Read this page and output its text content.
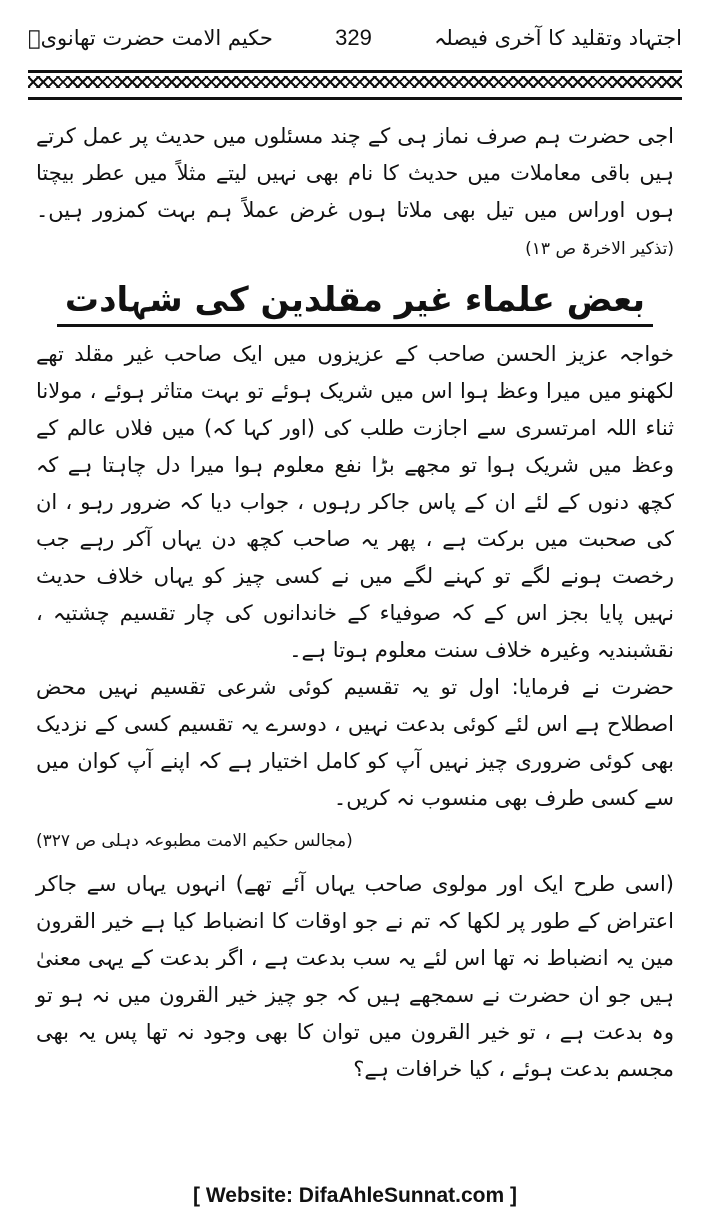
اجتہاد وتقلید کا آخری فیصلہ
329
حکیم الامت حضرت تھانویؒ

اجی حضرت ہم صرف نماز ہی کے چند مسئلوں میں حدیث پر عمل کرتے ہیں باقی معاملات میں حدیث کا نام بھی نہیں لیتے مثلاً میں عطر بیچتا ہوں اوراس میں تیل بھی ملاتا ہوں غرض عملاً ہم بہت کمزور ہیں۔ (تذکیر الاخرۃ ص ۱۳)

بعض علماء غیر مقلدین کی شہادت

خواجہ عزیز الحسن صاحب کے عزیزوں میں ایک صاحب غیر مقلد تھے لکھنو میں میرا وعظ ہوا اس میں شریک ہوئے تو بہت متاثر ہوئے ، مولانا ثناء اللہ امرتسری سے اجازت طلب کی (اور کہا کہ) میں فلاں عالم کے وعظ میں شریک ہوا تو مجھے بڑا نفع معلوم ہوا میرا دل چاہتا ہے کہ کچھ دنوں کے لئے ان کے پاس جاکر رہوں ، جواب دیا کہ ضرور رہو ، ان کی صحبت میں برکت ہے ، پھر یہ صاحب کچھ دن یہاں آکر رہے جب رخصت ہونے لگے تو کہنے لگے میں نے کسی چیز کو یہاں خلاف حدیث نہیں پایا بجز اس کے کہ صوفیاء کے خاندانوں کی چار تقسیم چشتیہ ، نقشبندیہ وغیرہ خلاف سنت معلوم ہوتا ہے۔

حضرت نے فرمایا: اول تو یہ تقسیم کوئی شرعی تقسیم نہیں محض اصطلاح ہے اس لئے کوئی بدعت نہیں ، دوسرے یہ تقسیم کسی کے نزدیک بھی کوئی ضروری چیز نہیں آپ کو کامل اختیار ہے کہ اپنے آپ کوان میں سے کسی طرف بھی منسوب نہ کریں۔

(مجالس حکیم الامت مطبوعہ دہلی ص ۳۲۷)

(اسی طرح ایک اور مولوی صاحب یہاں آئے تھے) انہوں یہاں سے جاکر اعتراض کے طور پر لکھا کہ تم نے جو اوقات کا انضباط کیا ہے خیر القرون مین یہ انضباط نہ تھا اس لئے یہ سب بدعت ہے ، اگر بدعت کے یہی معنیٰ ہیں جو ان حضرت نے سمجھے ہیں کہ جو چیز خیر القرون میں نہ ہو تو وہ بدعت ہے ، تو خیر القرون میں توان کا بھی وجود نہ تھا پس یہ بھی مجسم بدعت ہوئے ، کیا خرافات ہے؟

[ Website: DifaAhleSunnat.com ]
